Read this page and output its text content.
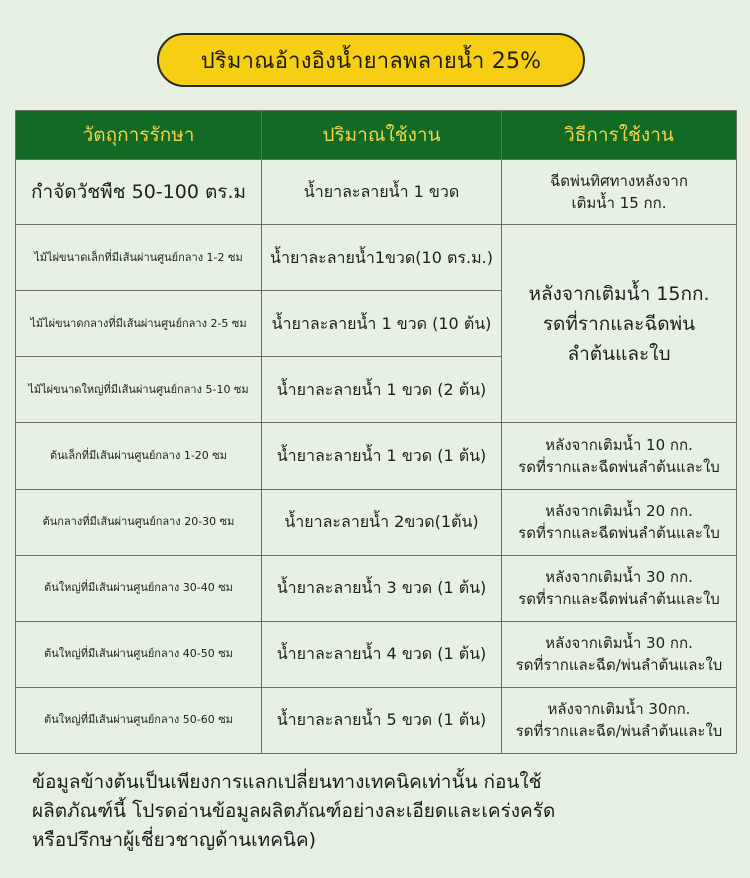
ปริมาณอ้างอิงน้ำยาลพลายน้ำ 25%
วัตถุการรักษา	ปริมาณใช้งาน	วิธีการใช้งาน
กำจัดวัชพืช 50-100 ตร.ม	น้ำยาละลายน้ำ 1 ขวด	ฉีดพ่นทิศทางหลังจาก
เติมน้ำ 15 กก.
ไม้ไผ่ขนาดเล็กที่มีเส้นผ่านศูนย์กลาง 1-2 ซม	น้ำยาละลายน้ำ1ขวด(10 ตร.ม.)	หลังจากเติมน้ำ 15กก.
รดที่รากและฉีดพ่น
ลำต้นและใบ
ไม้ไผ่ขนาดกลางที่มีเส้นผ่านศูนย์กลาง 2-5 ซม	น้ำยาละลายน้ำ 1 ขวด (10 ต้น)	
ไม้ไผ่ขนาดใหญ่ที่มีเส้นผ่านศูนย์กลาง 5-10 ซม	น้ำยาละลายน้ำ 1 ขวด (2 ต้น)	
ต้นเล็กที่มีเส้นผ่านศูนย์กลาง 1-20 ซม	น้ำยาละลายน้ำ 1 ขวด (1 ต้น)	หลังจากเติมน้ำ 10 กก.
รดที่รากและฉีดพ่นลำต้นและใบ
ต้นกลางที่มีเส้นผ่านศูนย์กลาง 20-30 ซม	น้ำยาละลายน้ำ 2ขวด(1ต้น)	หลังจากเติมน้ำ 20 กก.
รดที่รากและฉีดพ่นลำต้นและใบ
ต้นใหญ่ที่มีเส้นผ่านศูนย์กลาง 30-40 ซม	น้ำยาละลายน้ำ 3 ขวด (1 ต้น)	หลังจากเติมน้ำ 30 กก.
รดที่รากและฉีดพ่นลำต้นและใบ
ต้นใหญ่ที่มีเส้นผ่านศูนย์กลาง 40-50 ซม	น้ำยาละลายน้ำ 4 ขวด (1 ต้น)	หลังจากเติมน้ำ 30 กก.
รดที่รากและฉีด/พ่นลำต้นและใบ
ต้นใหญ่ที่มีเส้นผ่านศูนย์กลาง 50-60 ซม	น้ำยาละลายน้ำ 5 ขวด (1 ต้น)	หลังจากเติมน้ำ 30กก.
รดที่รากและฉีด/พ่นลำต้นและใบ
ข้อมูลข้างต้นเป็นเพียงการแลกเปลี่ยนทางเทคนิคเท่านั้น ก่อนใช้
ผลิตภัณฑ์นี้ โปรดอ่านข้อมูลผลิตภัณฑ์อย่างละเอียดและเคร่งครัด
หรือปรึกษาผู้เชี่ยวชาญด้านเทคนิค)
